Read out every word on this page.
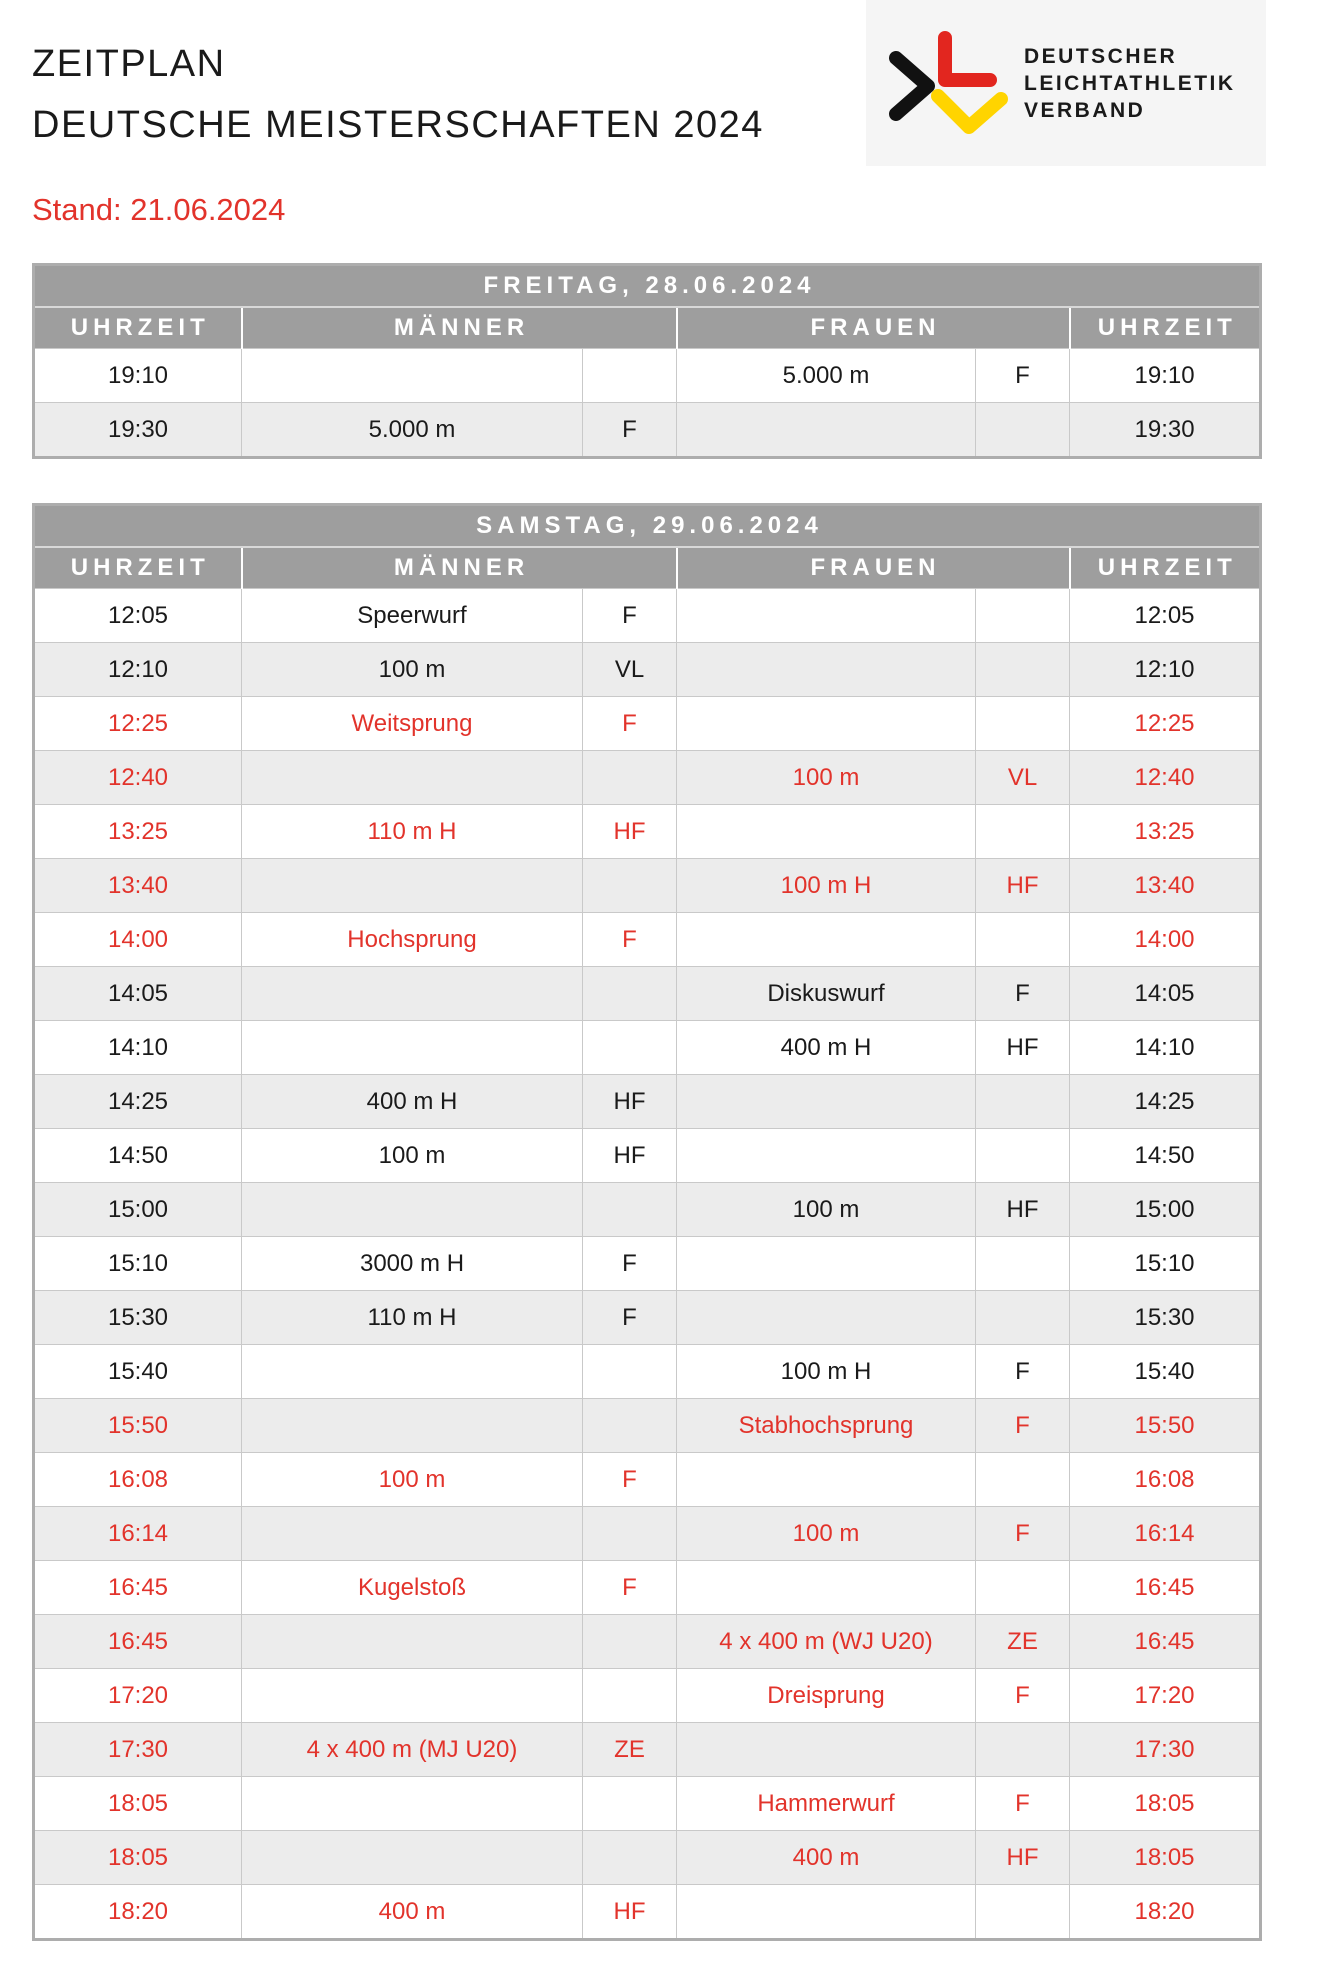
ZEITPLAN
DEUTSCHE MEISTERSCHAFTEN 2024
Stand: 21.06.2024
DEUTSCHER
LEICHTATHLETIK
VERBAND
FREITAG, 28.06.2024					
UHRZEIT	MÄNNER		FRAUEN		UHRZEIT
19:10			5.000 m	F	19:10
19:30	5.000 m	F			19:30
SAMSTAG, 29.06.2024					
UHRZEIT	MÄNNER		FRAUEN		UHRZEIT
12:05	Speerwurf	F			12:05
12:10	100 m	VL			12:10
12:25	Weitsprung	F			12:25
12:40			100 m	VL	12:40
13:25	110 m H	HF			13:25
13:40			100 m H	HF	13:40
14:00	Hochsprung	F			14:00
14:05			Diskuswurf	F	14:05
14:10			400 m H	HF	14:10
14:25	400 m H	HF			14:25
14:50	100 m	HF			14:50
15:00			100 m	HF	15:00
15:10	3000 m H	F			15:10
15:30	110 m H	F			15:30
15:40			100 m H	F	15:40
15:50			Stabhochsprung	F	15:50
16:08	100 m	F			16:08
16:14			100 m	F	16:14
16:45	Kugelstoß	F			16:45
16:45			4 x 400 m (WJ U20)	ZE	16:45
17:20			Dreisprung	F	17:20
17:30	4 x 400 m (MJ U20)	ZE			17:30
18:05			Hammerwurf	F	18:05
18:05			400 m	HF	18:05
18:20	400 m	HF			18:20
